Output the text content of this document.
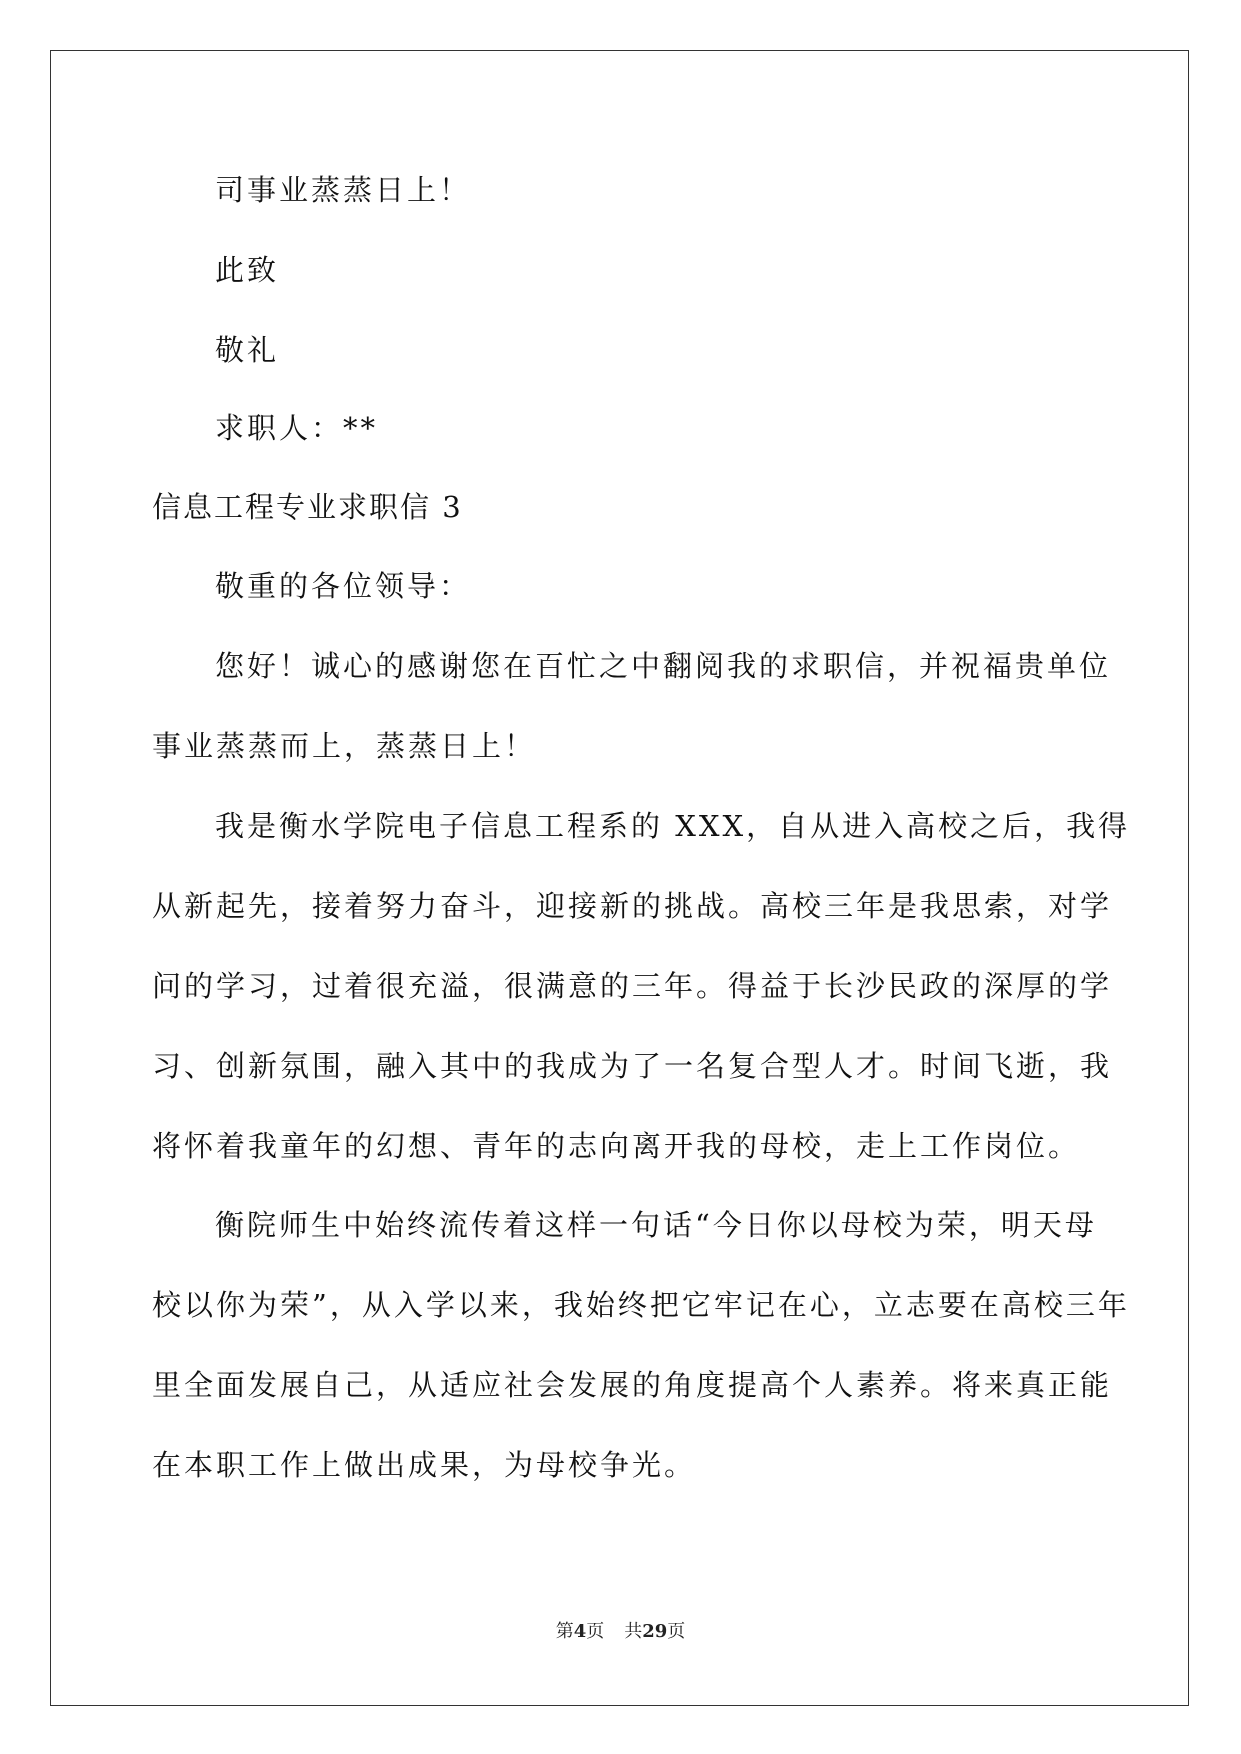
司事业蒸蒸日上！
此致
敬礼
求职人：**
信息工程专业求职信 3
敬重的各位领导：
您好！诚心的感谢您在百忙之中翻阅我的求职信，并祝福贵单位
事业蒸蒸而上，蒸蒸日上！
我是衡水学院电子信息工程系的 XXX，自从进入高校之后，我得
从新起先，接着努力奋斗，迎接新的挑战。高校三年是我思索，对学
问的学习，过着很充溢，很满意的三年。得益于长沙民政的深厚的学
习、创新氛围，融入其中的我成为了一名复合型人才。时间飞逝，我
将怀着我童年的幻想、青年的志向离开我的母校，走上工作岗位。
衡院师生中始终流传着这样一句话“今日你以母校为荣，明天母
校以你为荣”，从入学以来，我始终把它牢记在心，立志要在高校三年
里全面发展自己，从适应社会发展的角度提高个人素养。将来真正能
在本职工作上做出成果，为母校争光。
第4页 共29页
